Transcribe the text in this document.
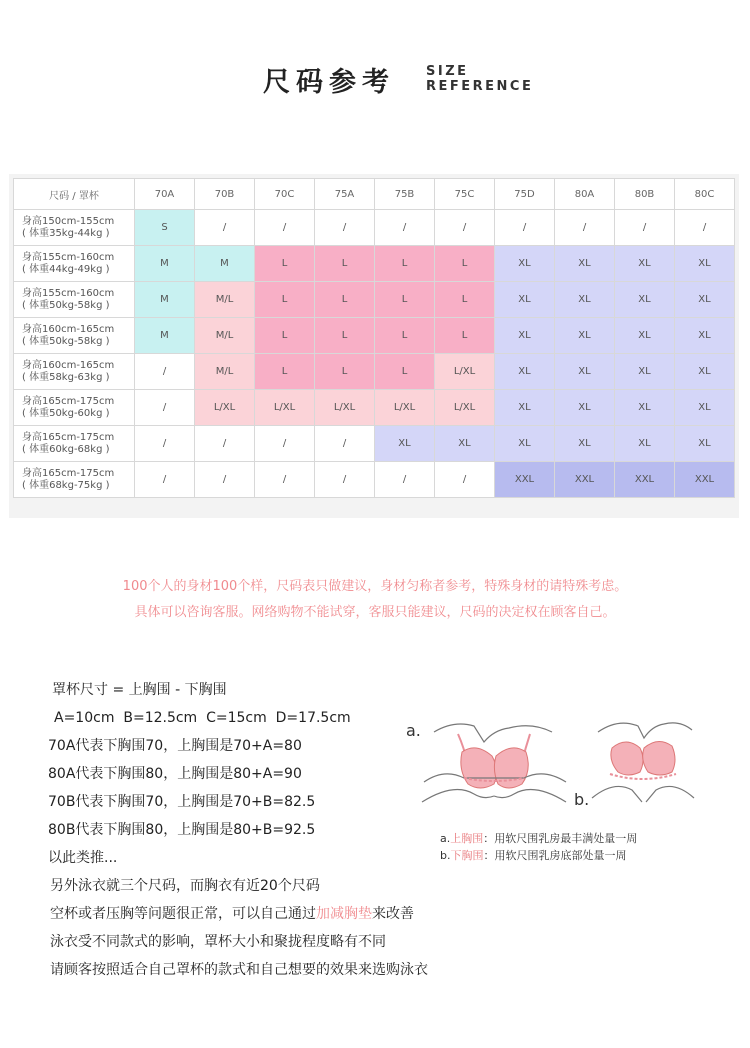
尺码参考 SIZE
REFERENCE
尺码 / 罩杯	70A	70B	70C	75A	75B	75C	75D	80A	80B	80C

身高150cm-155cm
( 体重35kg-44kg )	S	/	/	/	/	/	/	/	/	/

身高155cm-160cm
( 体重44kg-49kg )	M	M	L	L	L	L	XL	XL	XL	XL

身高155cm-160cm
( 体重50kg-58kg )	M	M/L	L	L	L	L	XL	XL	XL	XL

身高160cm-165cm
( 体重50kg-58kg )	M	M/L	L	L	L	L	XL	XL	XL	XL

身高160cm-165cm
( 体重58kg-63kg )	/	M/L	L	L	L	L/XL	XL	XL	XL	XL

身高165cm-175cm
( 体重50kg-60kg )	/	L/XL	L/XL	L/XL	L/XL	L/XL	XL	XL	XL	XL

身高165cm-175cm
( 体重60kg-68kg )	/	/	/	/	XL	XL	XL	XL	XL	XL

身高165cm-175cm
( 体重68kg-75kg )	/	/	/	/	/	/	XXL	XXL	XXL	XXL
100个人的身材100个样，尺码表只做建议，身材匀称者参考，特殊身材的请特殊考虑。
具体可以咨询客服。网络购物不能试穿，客服只能建议，尺码的决定权在顾客自己。
罩杯尺寸 = 上胸围 - 下胸围
A=10cm  B=12.5cm  C=15cm  D=17.5cm
70A代表下胸围70，上胸围是70+A=80
80A代表下胸围80，上胸围是80+A=90
70B代表下胸围70，上胸围是70+B=82.5
80B代表下胸围80，上胸围是80+B=92.5
以此类推...
另外泳衣就三个尺码，而胸衣有近20个尺码
空杯或者压胸等问题很正常，可以自己通过加减胸垫来改善
泳衣受不同款式的影响，罩杯大小和聚拢程度略有不同
请顾客按照适合自己罩杯的款式和自己想要的效果来选购泳衣
a.
b.
a.上胸围：用软尺围乳房最丰满处量一周
b.下胸围：用软尺围乳房底部处量一周
